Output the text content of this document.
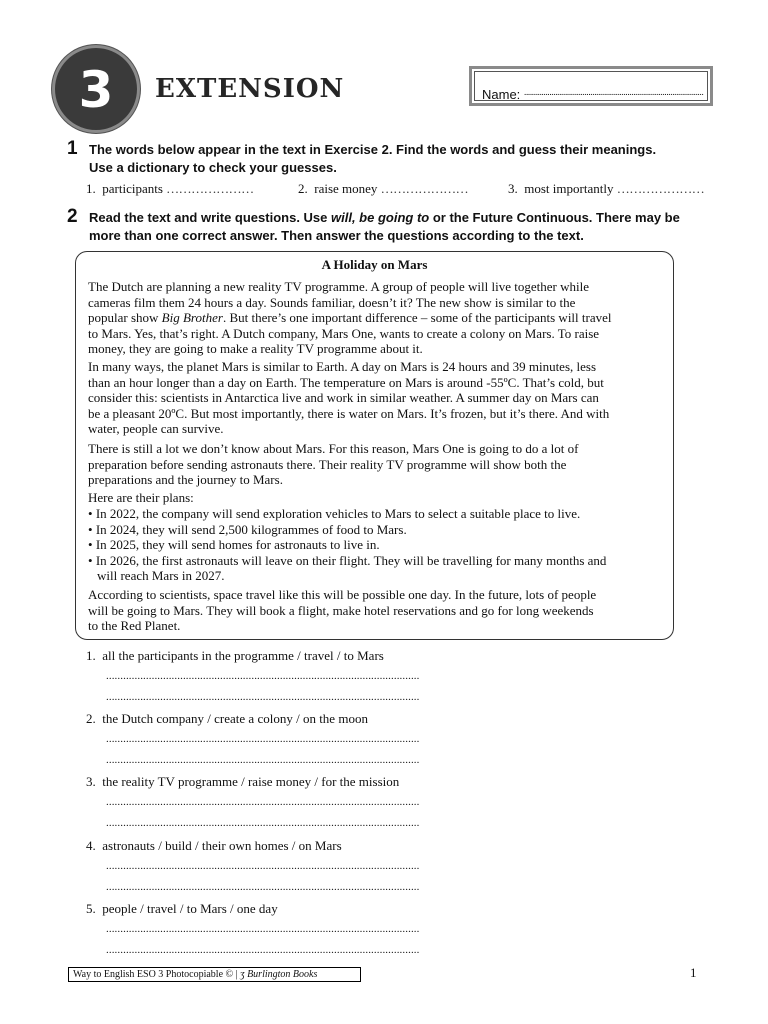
3	EXTENSION	Name: ............................................................................................
1 The words below appear in the text in Exercise 2. Find the words and guess their meanings.
Use a dictionary to check your guesses.
1. participants …………………	2. raise money …………………	3. most importantly …………………
2 Read the text and write questions. Use will, be going to or the Future Continuous. There may be
more than one correct answer. Then answer the questions according to the text.
A Holiday on Mars
The Dutch are planning a new reality TV programme. A group of people will live together while
cameras film them 24 hours a day. Sounds familiar, doesn’t it? The new show is similar to the
popular show Big Brother. But there’s one important difference – some of the participants will travel
to Mars. Yes, that’s right. A Dutch company, Mars One, wants to create a colony on Mars. To raise
money, they are going to make a reality TV programme about it.
In many ways, the planet Mars is similar to Earth. A day on Mars is 24 hours and 39 minutes, less
than an hour longer than a day on Earth. The temperature on Mars is around -55ºC. That’s cold, but
consider this: scientists in Antarctica live and work in similar weather. A summer day on Mars can
be a pleasant 20ºC. But most importantly, there is water on Mars. It’s frozen, but it’s there. And with
water, people can survive.
There is still a lot we don’t know about Mars. For this reason, Mars One is going to do a lot of
preparation before sending astronauts there. Their reality TV programme will show both the
preparations and the journey to Mars.
Here are their plans:
• In 2022, the company will send exploration vehicles to Mars to select a suitable place to live.
• In 2024, they will send 2,500 kilogrammes of food to Mars.
• In 2025, they will send homes for astronauts to live in.
• In 2026, the first astronauts will leave on their flight. They will be travelling for many months and
will reach Mars in 2027.
According to scientists, space travel like this will be possible one day. In the future, lots of people
will be going to Mars. They will book a flight, make hotel reservations and go for long weekends
to the Red Planet.
1. all the participants in the programme / travel / to Mars
..............................................................................................................
..............................................................................................................
2. the Dutch company / create a colony / on the moon
..............................................................................................................
..............................................................................................................
3. the reality TV programme / raise money / for the mission
..............................................................................................................
..............................................................................................................
4. astronauts / build / their own homes / on Mars
..............................................................................................................
..............................................................................................................
5. people / travel / to Mars / one day
..............................................................................................................
..............................................................................................................
Way to English ESO 3 Photocopiable © | ʒ Burlington Books	1
